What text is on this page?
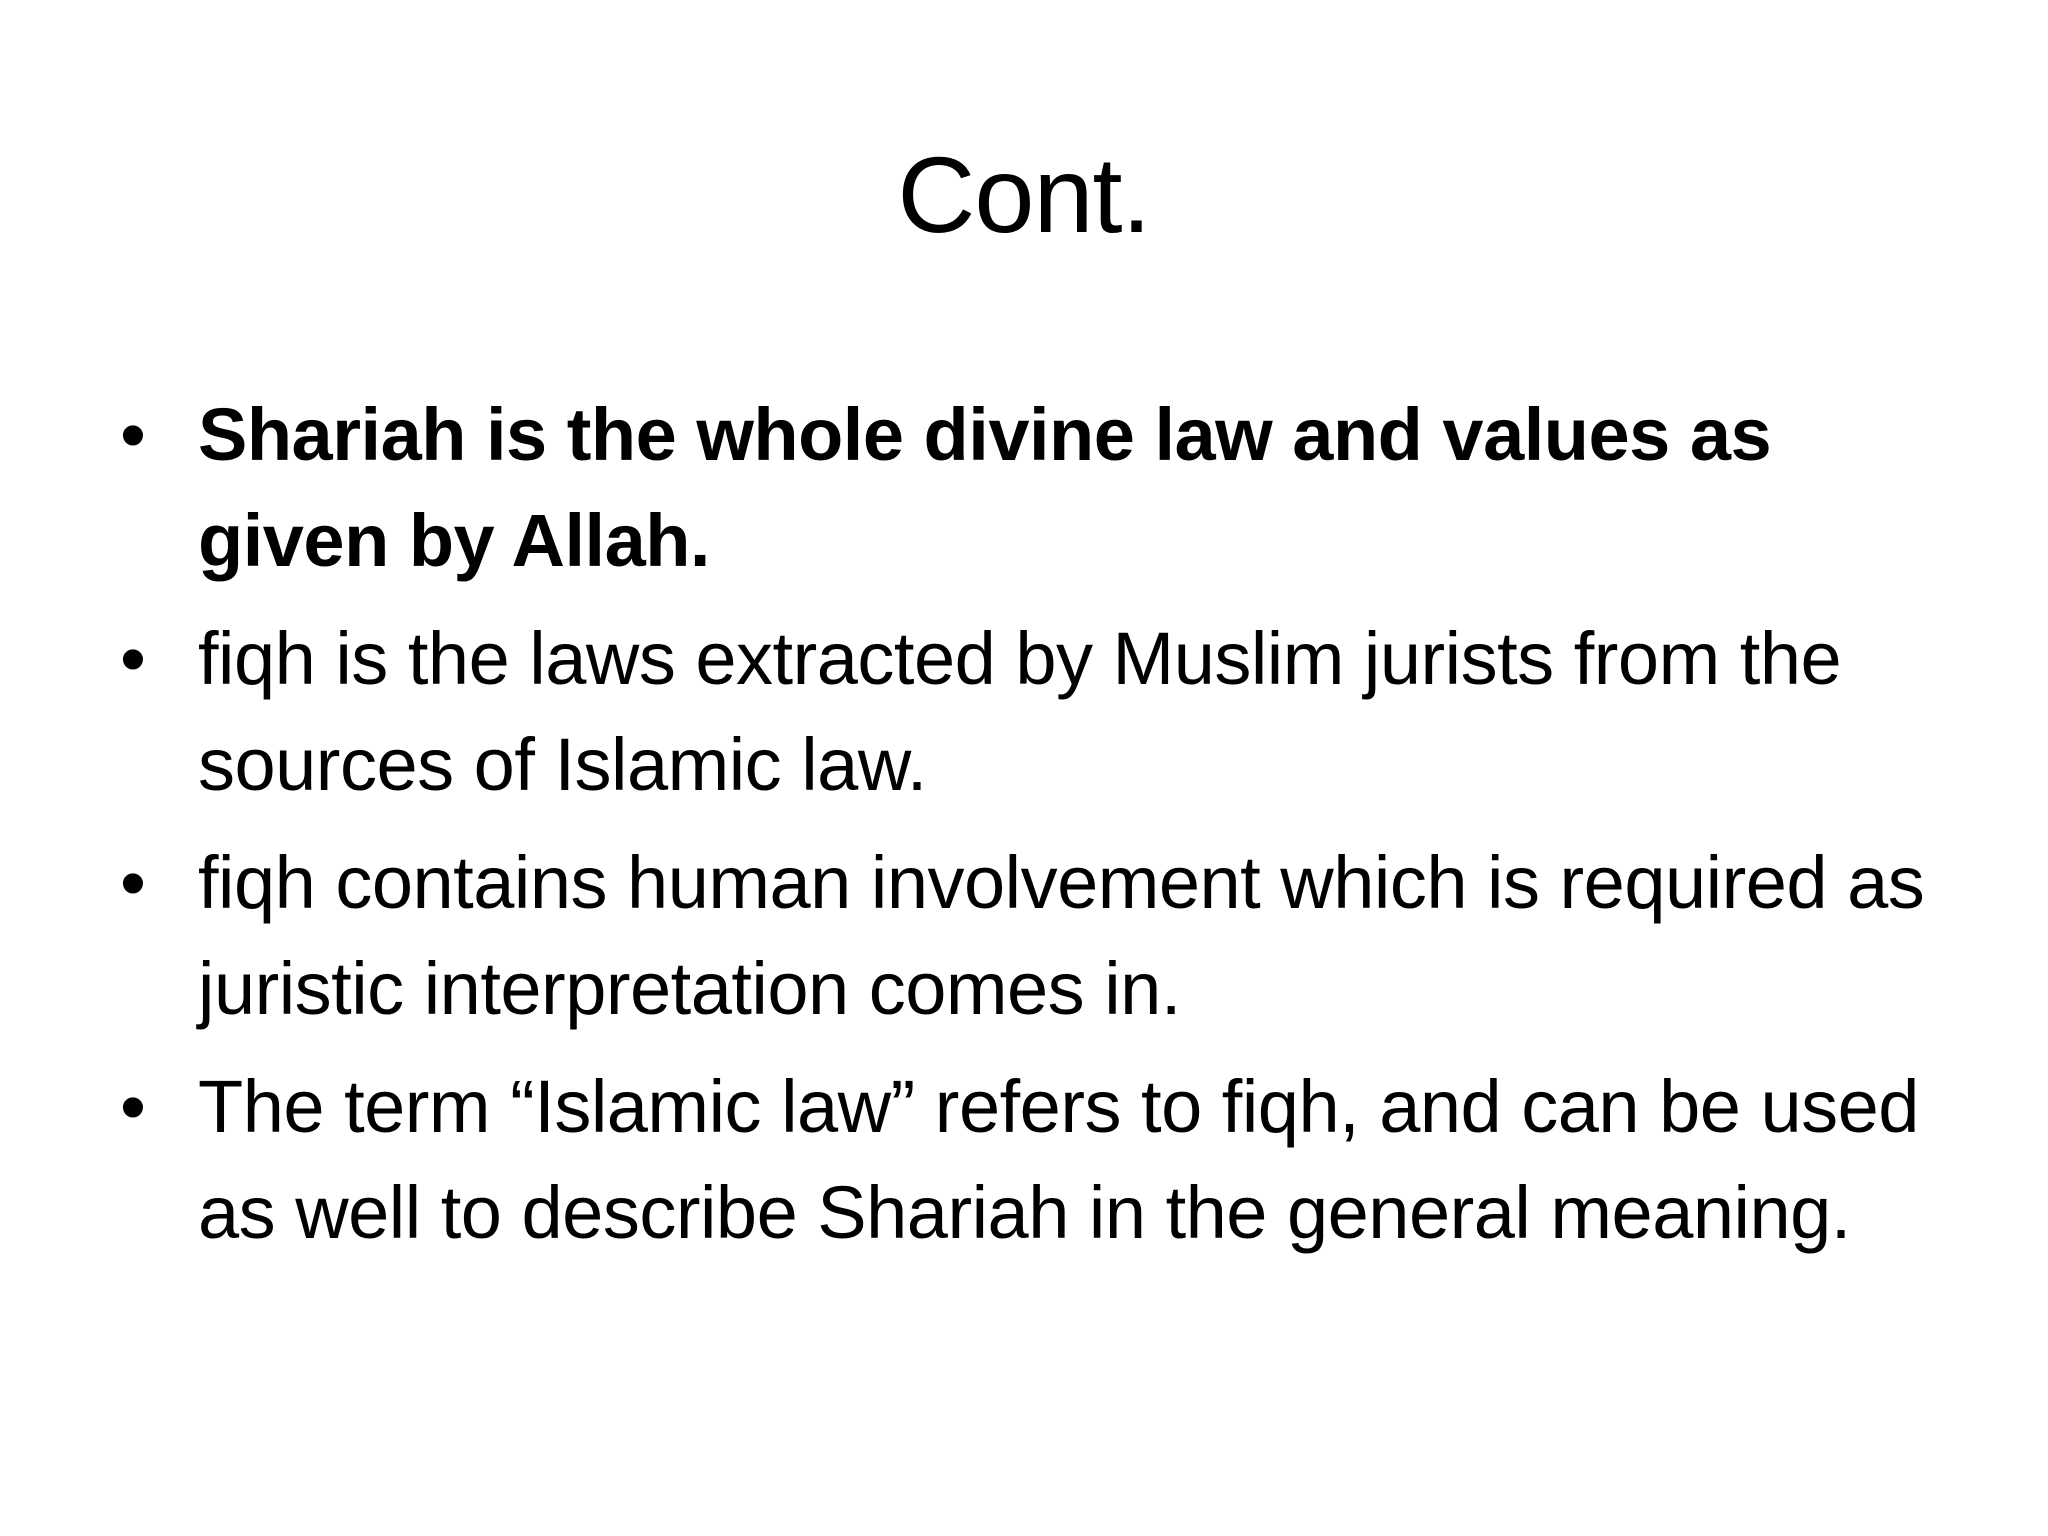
Cont.
• Shariah is the whole divine law and values as given by Allah.
• fiqh is the laws extracted by Muslim jurists from the sources of Islamic law.
• fiqh contains human involvement which is required as juristic interpretation comes in.
• The term “Islamic law” refers to fiqh, and can be used as well to describe Shariah in the general meaning.
